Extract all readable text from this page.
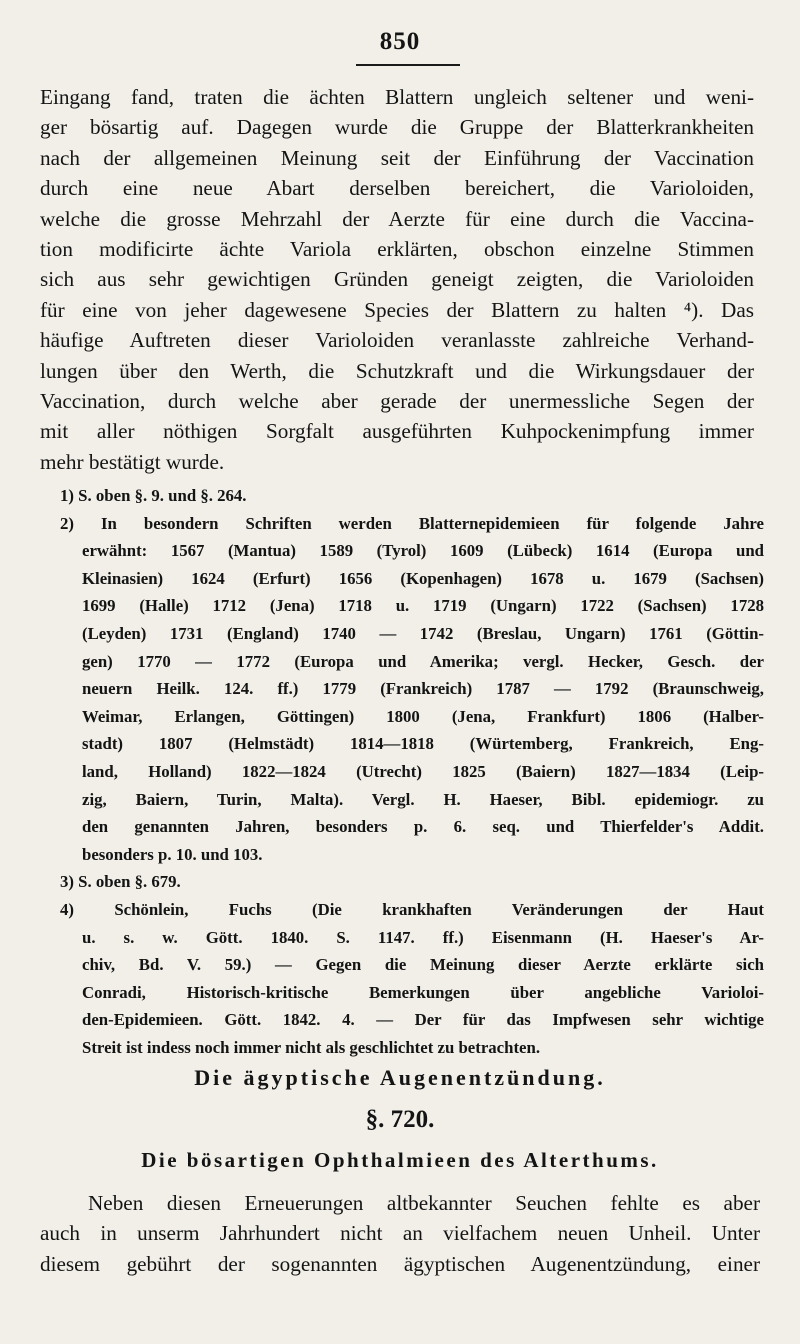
850
Eingang fand, traten die ächten Blattern ungleich seltener und weni-
ger bösartig auf. Dagegen wurde die Gruppe der Blatterkrankheiten
nach der allgemeinen Meinung seit der Einführung der Vaccination
durch eine neue Abart derselben bereichert, die Varioloiden,
welche die grosse Mehrzahl der Aerzte für eine durch die Vaccina-
tion modificirte ächte Variola erklärten, obschon einzelne Stimmen
sich aus sehr gewichtigen Gründen geneigt zeigten, die Varioloiden
für eine von jeher dagewesene Species der Blattern zu halten ⁴). Das
häufige Auftreten dieser Varioloiden veranlasste zahlreiche Verhand-
lungen über den Werth, die Schutzkraft und die Wirkungsdauer der
Vaccination, durch welche aber gerade der unermessliche Segen der
mit aller nöthigen Sorgfalt ausgeführten Kuhpockenimpfung immer
mehr bestätigt wurde.
1) S. oben §. 9. und §. 264.
2) In besondern Schriften werden Blatternepidemieen für folgende Jahre
erwähnt: 1567 (Mantua) 1589 (Tyrol) 1609 (Lübeck) 1614 (Europa und
Kleinasien) 1624 (Erfurt) 1656 (Kopenhagen) 1678 u. 1679 (Sachsen)
1699 (Halle) 1712 (Jena) 1718 u. 1719 (Ungarn) 1722 (Sachsen) 1728
(Leyden) 1731 (England) 1740 — 1742 (Breslau, Ungarn) 1761 (Göttin-
gen) 1770 — 1772 (Europa und Amerika; vergl. Hecker, Gesch. der
neuern Heilk. 124. ff.) 1779 (Frankreich) 1787 — 1792 (Braunschweig,
Weimar, Erlangen, Göttingen) 1800 (Jena, Frankfurt) 1806 (Halber-
stadt) 1807 (Helmstädt) 1814—1818 (Würtemberg, Frankreich, Eng-
land, Holland) 1822—1824 (Utrecht) 1825 (Baiern) 1827—1834 (Leip-
zig, Baiern, Turin, Malta). Vergl. H. Haeser, Bibl. epidemiogr. zu
den genannten Jahren, besonders p. 6. seq. und Thierfelder's Addit.
besonders p. 10. und 103.
3) S. oben §. 679.
4) Schönlein, Fuchs (Die krankhaften Veränderungen der Haut
u. s. w. Gött. 1840. S. 1147. ff.) Eisenmann (H. Haeser's Ar-
chiv, Bd. V. 59.) — Gegen die Meinung dieser Aerzte erklärte sich
Conradi, Historisch-kritische Bemerkungen über angebliche Varioloi-
den-Epidemieen. Gött. 1842. 4. — Der für das Impfwesen sehr wichtige
Streit ist indess noch immer nicht als geschlichtet zu betrachten.
Die ägyptische Augenentzündung.
§. 720.
Die bösartigen Ophthalmieen des Alterthums.
Neben diesen Erneuerungen altbekannter Seuchen fehlte es aber
auch in unserm Jahrhundert nicht an vielfachem neuen Unheil. Unter
diesem gebührt der sogenannten ägyptischen Augenentzündung, einer
